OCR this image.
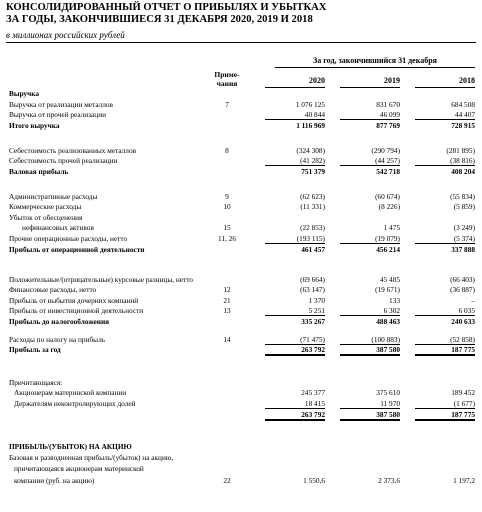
КОНСОЛИДИРОВАННЫЙ ОТЧЕТ О ПРИБЫЛЯХ И УБЫТКАХ
ЗА ГОДЫ, ЗАКОНЧИВШИЕСЯ 31 ДЕКАБРЯ 2020, 2019 И 2018
в миллионах российских рублей
За год, закончившийся 31 декабря
Приме-
чания	2020	2019	2018
Выручка
Выручка от реализации металлов	7	1 076 125	831 670	684 508
Выручка от прочей реализации	40 844	46 099	44 407
Итого выручка	1 116 969	877 769	728 915
Себестоимость реализованных металлов	8	(324 308)	(290 794)	(281 895)
Себестоимость прочей реализации	(41 282)	(44 257)	(38 816)
Валовая прибыль	751 379	542 718	408 204
Административные расходы	9	(62 623)	(60 674)	(55 834)
Коммерческие расходы	10	(11 331)	(8 226)	(5 859)
Убыток от обесценения
нефинансовых активов	15	(22 853)	1 475	(3 249)
Прочие операционные расходы, нетто	11, 26	(193 115)	(19 079)	(5 374)
Прибыль от операционной деятельности	461 457	456 214	337 888
Положительные/(отрицательные) курсовые разницы, нетто	(69 664)	45 485	(66 403)
Финансовые расходы, нетто	12	(63 147)	(19 671)	(36 887)
Прибыль от выбытия дочерних компаний	21	1 370	133	–
Прибыль от инвестиционной деятельности	13	5 251	6 302	6 035
Прибыль до налогообложения	335 267	488 463	240 633
Расходы по налогу на прибыль	14	(71 475)	(100 883)	(52 858)
Прибыль за год	263 792	387 580	187 775
Причитающаяся:
Акционерам материнской компании	245 377	375 610	189 452
Держателям неконтролирующих долей	18 415	11 970	(1 677)
263 792	387 580	187 775
ПРИБЫЛЬ/(УБЫТОК) НА АКЦИЮ
Базовая и разводненная прибыль/(убыток) на акцию,
причитающаяся акционерам материнской
компании (руб. на акцию)	22	1 550,6	2 373,6	1 197,2
